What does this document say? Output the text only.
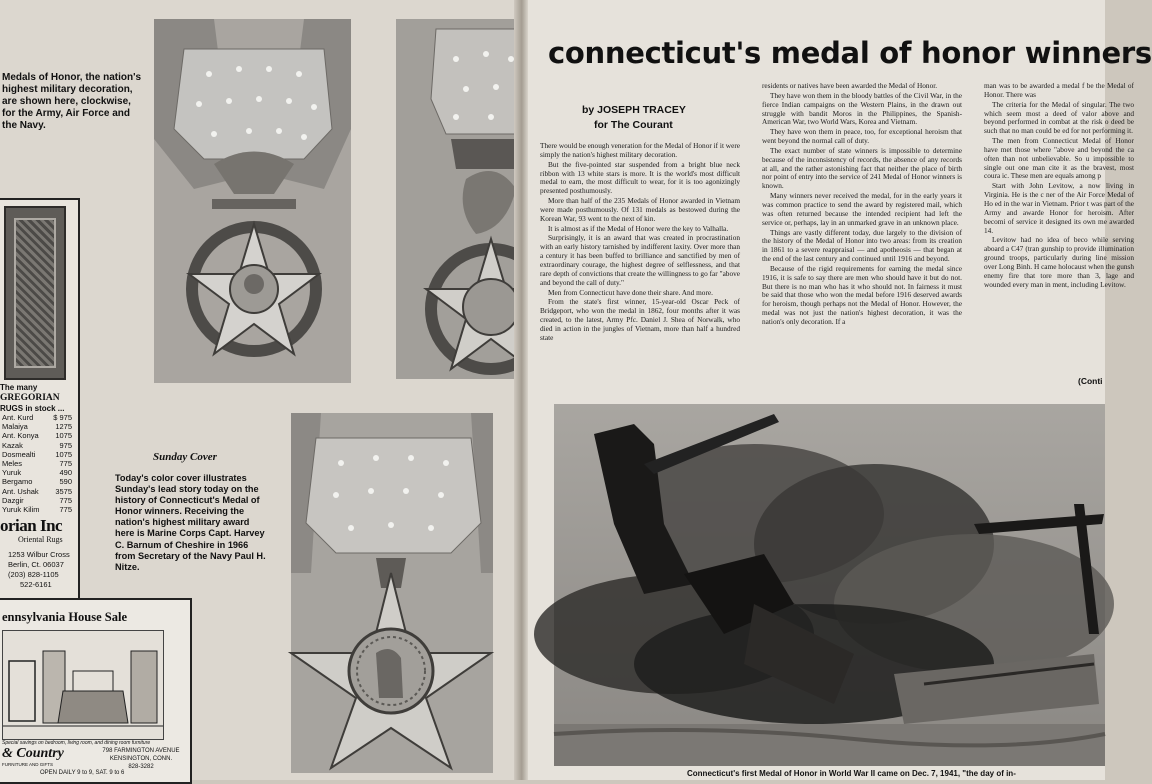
Medals of Honor, the nation's highest military decoration, are shown here, clockwise, for the Army, Air Force and the Navy.
The many
GREGORIAN
RUGS in stock ...
Ant. Kurd	$ 975
Malaiya	1275
Ant. Konya 1075
Kazak	975
Dosmealti	1075
Meles	775
Yuruk	490
Bergamo	590
Ant. Ushak 3575
Dazgir	775
Yuruk Kilim	775
orian Inc
Oriental Rugs
1253 Wilbur Cross
Berlin, Ct. 06037
(203) 828-1105
522-6161
Sunday Cover
Today's color cover illustrates Sunday's lead story today on the history of Connecticut's Medal of Honor winners. Receiving the nation's highest military award here is Marine Corps Capt. Harvey C. Barnum of Cheshire in 1966 from Secretary of the Navy Paul H. Nitze.
ennsylvania House Sale
Special savings on bedroom, living room, and dining room furniture
& Country
FURNITURE AND GIFTS
798 FARMINGTON AVENUE
KENSINGTON, CONN.
828-3282
OPEN DAILY 9 to 9, SAT. 9 to 6
connecticut's medal of honor winners
by JOSEPH TRACEY
for The Courant

There would be enough veneration for the Medal of Honor if it were simply the nation's highest military decoration.

But the five-pointed star suspended from a bright blue neck ribbon with 13 white stars is more. It is the world's most difficult medal to earn, the most difficult to wear, for it is too agonizingly presented posthumously.

More than half of the 235 Medals of Honor awarded in Vietnam were made posthumously. Of 131 medals as bestowed during the Korean War, 93 went to the next of kin.

It is almost as if the Medal of Honor were the key to Valhalla.

Surprisingly, it is an award that was created in procrastination with an early history tarnished by indifferent laxity. Over more than a century it has been buffed to brilliance and sanctified by men of extraordinary courage, the highest degree of selflessness, and that rare depth of convictions that create the willingness to go far "above and beyond the call of duty."

Men from Connecticut have done their share. And more.

From the state's first winner, 15-year-old Oscar Peck of Bridgeport, who won the medal in 1862, four months after it was created, to the latest, Army Pfc. Daniel J. Shea of Norwalk, who died in action in the jungles of Vietnam, more than half a hundred state

residents or natives have been awarded the Medal of Honor.

They have won them in the bloody battles of the Civil War, in the fierce Indian campaigns on the Western Plains, in the drawn out struggle with bandit Moros in the Philippines, the Spanish-American War, two World Wars, Korea and Vietnam.

They have won them in peace, too, for exceptional heroism that went beyond the normal call of duty.

The exact number of state winners is impossible to determine because of the inconsistency of records, the absence of any records at all, and the rather astonishing fact that neither the place of birth nor point of entry into the service of 241 Medal of Honor winners is known.

Many winners never received the medal, for in the early years it was common practice to send the award by registered mail, which was often returned because the intended recipient had left the service or, perhaps, lay in an unmarked grave in an unknown place.

Things are vastly different today, due largely to the division of the history of the Medal of Honor into two areas: from its creation in 1861 to a severe reappraisal — and apotheosis — that began at the end of the last century and continued until 1916 and beyond.

Because of the rigid requirements for earning the medal since 1916, it is safe to say there are men who should have it but do not. But there is no man who has it who should not. In fairness it must be said that those who won the medal before 1916 deserved awards for heroism, though perhaps not the Medal of Honor. However, the medal was not just the nation's highest decoration, it was the nation's only decoration. If a

man was to be awarded a medal f be the Medal of Honor. There was

The criteria for the Medal of singular. The two which seem most a deed of valor above and beyond performed in combat at the risk o deed be such that no man could be ed for not performing it.

The men from Connecticut Medal of Honor have met those where "above and beyond the ca often than not unbelievable. So u impossible to single out one man cite it as the bravest, most coura ic. These men are equals among p

Start with John Levitow, a now living in Virginia. He is the c ner of the Air Force Medal of Ho ed in the war in Vietnam. Prior t was part of the Army and awarde Honor for heroism. After becomi of service it designed its own me awarded 14.

Levitow had no idea of beco while serving aboard a C47 (tran gunship to provide illumination ground troops, particularly during line mission over Long Binh. H came holocaust when the gunsh enemy fire that tore more than 3, lage and wounded every man in ment, including Levitow.

(Conti
Connecticut's first Medal of Honor in World War II came on Dec. 7, 1941, "the day of in-
